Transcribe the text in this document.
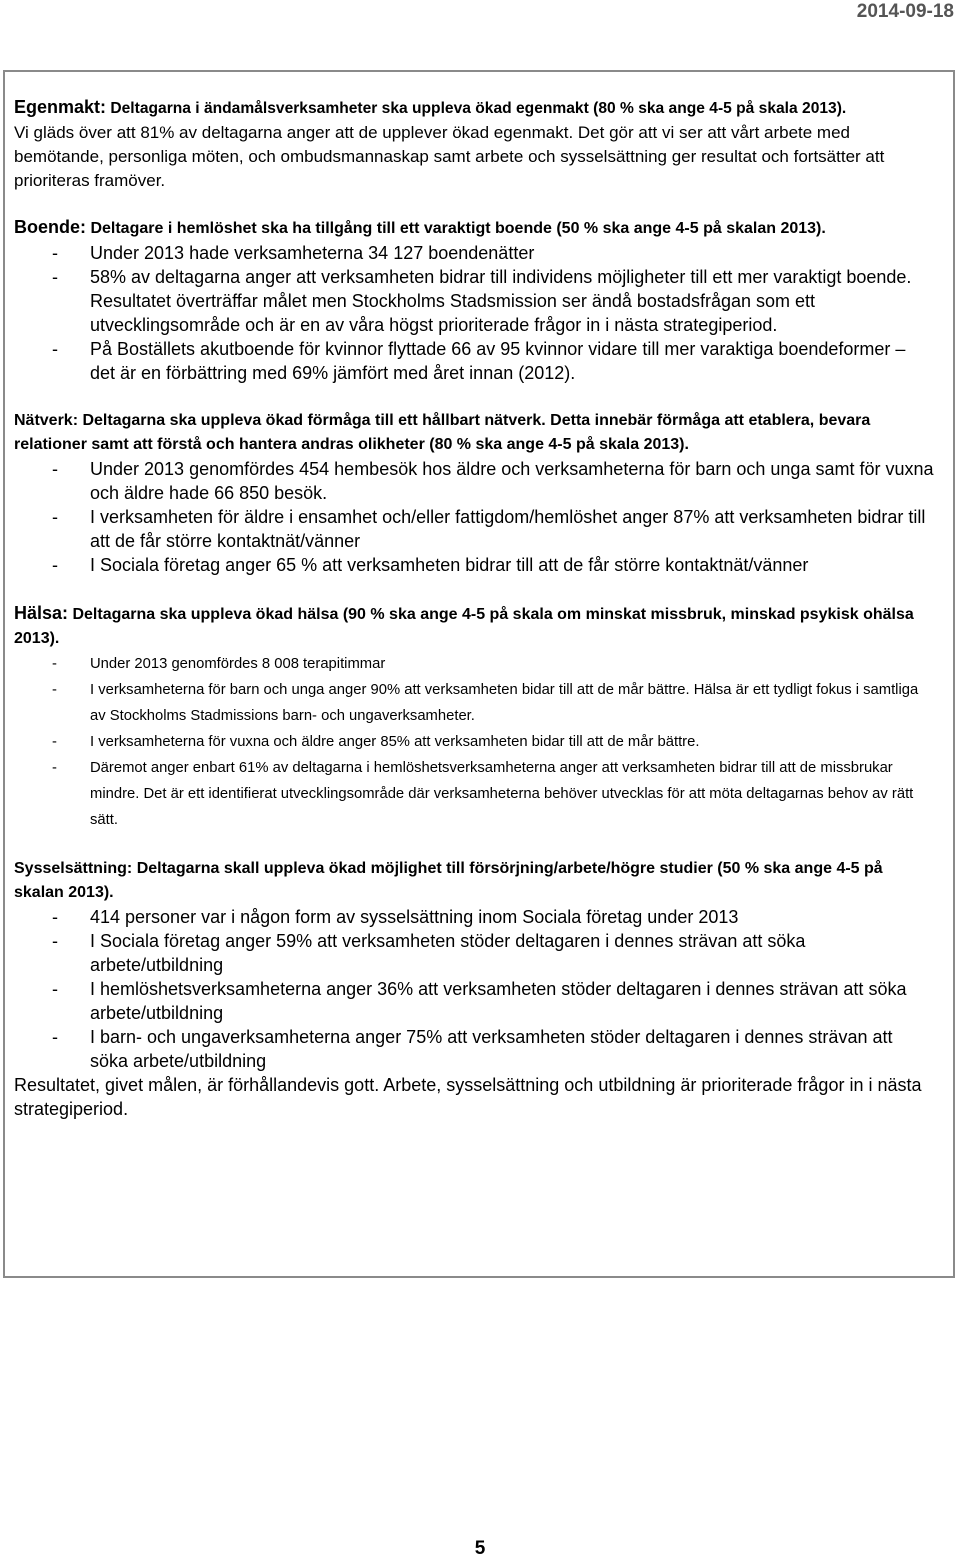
2014-09-18

Egenmakt: Deltagarna i ändamålsverksamheter ska uppleva ökad egenmakt (80 % ska ange 4-5 på skala 2013).

Vi gläds över att 81% av deltagarna anger att de upplever ökad egenmakt. Det gör att vi ser att vårt arbete med bemötande, personliga möten, och ombudsmannaskap samt arbete och sysselsättning ger resultat och fortsätter att prioriteras framöver.

Boende: Deltagare i hemlöshet ska ha tillgång till ett varaktigt boende (50 % ska ange 4-5 på skalan 2013).

- Under 2013 hade verksamheterna 34 127 boendenätter
- 58% av deltagarna anger att verksamheten bidrar till individens möjligheter till ett mer varaktigt boende. Resultatet överträffar målet men Stockholms Stadsmission ser ändå bostadsfrågan som ett utvecklingsområde och är en av våra högst prioriterade frågor in i nästa strategiperiod.
- På Boställets akutboende för kvinnor flyttade 66 av 95 kvinnor vidare till mer varaktiga boendeformer – det är en förbättring med 69% jämfört med året innan (2012).

Nätverk: Deltagarna ska uppleva ökad förmåga till ett hållbart nätverk. Detta innebär förmåga att etablera, bevara relationer samt att förstå och hantera andras olikheter (80 % ska ange 4-5 på skala 2013).

- Under 2013 genomfördes 454 hembesök hos äldre och verksamheterna för barn och unga samt för vuxna och äldre hade 66 850 besök.
- I verksamheten för äldre i ensamhet och/eller fattigdom/hemlöshet anger 87% att verksamheten bidrar till att de får större kontaktnät/vänner
- I Sociala företag anger 65 % att verksamheten bidrar till att de får större kontaktnät/vänner

Hälsa: Deltagarna ska uppleva ökad hälsa (90 % ska ange 4-5 på skala om minskat missbruk, minskad psykisk ohälsa 2013).

- Under 2013 genomfördes 8 008 terapitimmar
- I verksamheterna för barn och unga anger 90% att verksamheten bidar till att de mår bättre. Hälsa är ett tydligt fokus i samtliga av Stockholms Stadmissions barn- och ungaverksamheter.
- I verksamheterna för vuxna och äldre anger 85% att verksamheten bidar till att de mår bättre.
- Däremot anger enbart 61% av deltagarna i hemlöshetsverksamheterna anger att verksamheten bidrar till att de missbrukar mindre. Det är ett identifierat utvecklingsområde där verksamheterna behöver utvecklas för att möta deltagarnas behov av rätt sätt.

Sysselsättning: Deltagarna skall uppleva ökad möjlighet till försörjning/arbete/högre studier (50 % ska ange 4-5 på skalan 2013).

- 414 personer var i någon form av sysselsättning inom Sociala företag under 2013
- I Sociala företag anger 59% att verksamheten stöder deltagaren i dennes strävan att söka arbete/utbildning
- I hemlöshetsverksamheterna anger 36% att verksamheten stöder deltagaren i dennes strävan att söka arbete/utbildning
- I barn- och ungaverksamheterna anger 75% att verksamheten stöder deltagaren i dennes strävan att söka arbete/utbildning

Resultatet, givet målen, är förhållandevis gott. Arbete, sysselsättning och utbildning är prioriterade frågor in i nästa strategiperiod.

5
